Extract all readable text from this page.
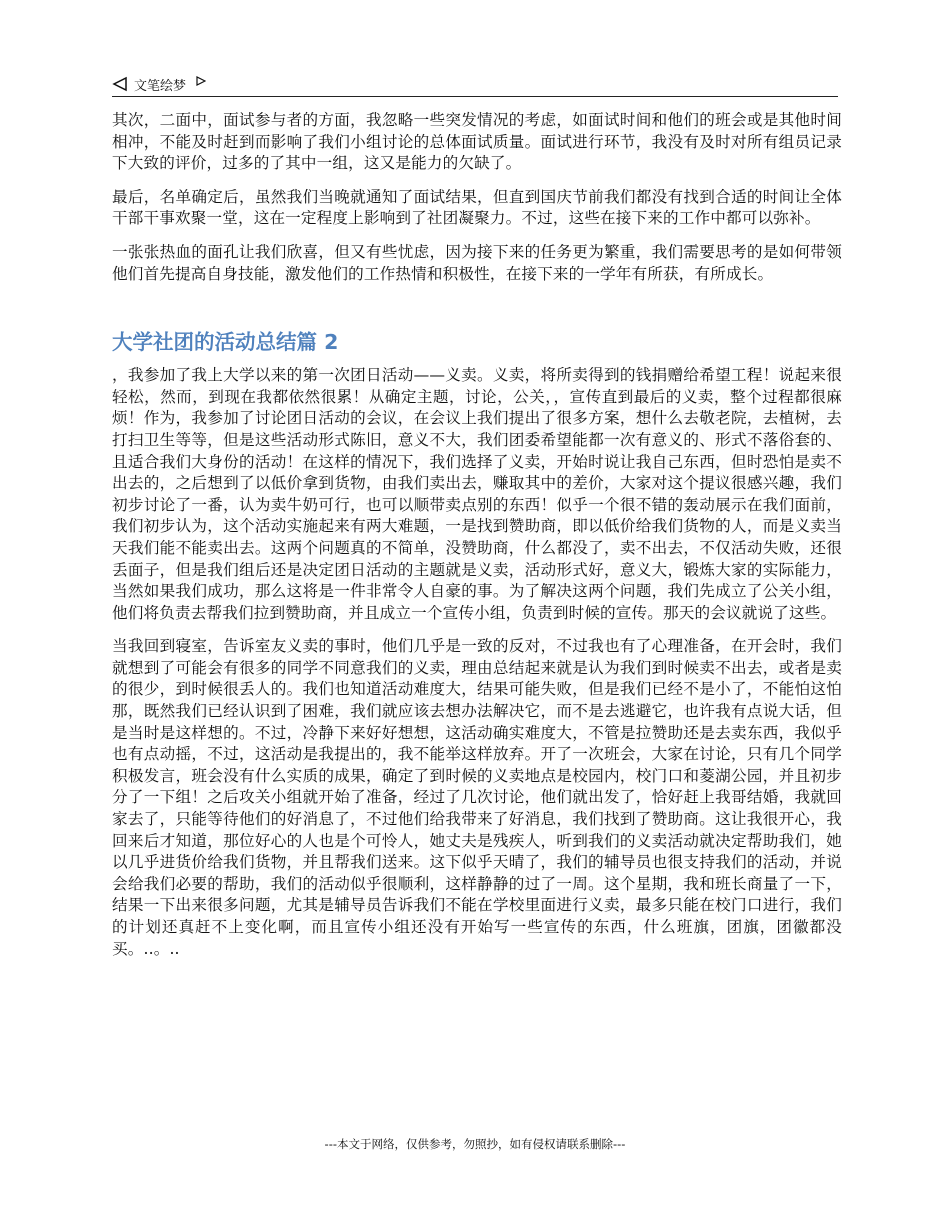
文笔绘梦

其次，二面中，面试参与者的方面，我忽略一些突发情况的考虑，如面试时间和他们的班会或是其他时间相冲，不能及时赶到而影响了我们小组讨论的总体面试质量。面试进行环节，我没有及时对所有组员记录下大致的评价，过多的了其中一组，这又是能力的欠缺了。

最后，名单确定后，虽然我们当晚就通知了面试结果，但直到国庆节前我们都没有找到合适的时间让全体干部干事欢聚一堂，这在一定程度上影响到了社团凝聚力。不过，这些在接下来的工作中都可以弥补。

一张张热血的面孔让我们欣喜，但又有些忧虑，因为接下来的任务更为繁重，我们需要思考的是如何带领他们首先提高自身技能，激发他们的工作热情和积极性，在接下来的一学年有所获，有所成长。

大学社团的活动总结篇 2

，我参加了我上大学以来的第一次团日活动——义卖。义卖，将所卖得到的钱捐赠给希望工程！说起来很轻松，然而，到现在我都依然很累！从确定主题，讨论，公关，，宣传直到最后的义卖，整个过程都很麻烦！作为，我参加了讨论团日活动的会议，在会议上我们提出了很多方案，想什么去敬老院，去植树，去打扫卫生等等，但是这些活动形式陈旧，意义不大，我们团委希望能都一次有意义的、形式不落俗套的、且适合我们大身份的活动！在这样的情况下，我们选择了义卖，开始时说让我自己东西，但时恐怕是卖不出去的，之后想到了以低价拿到货物，由我们卖出去，赚取其中的差价，大家对这个提议很感兴趣，我们初步讨论了一番，认为卖牛奶可行，也可以顺带卖点别的东西！似乎一个很不错的轰动展示在我们面前，我们初步认为，这个活动实施起来有两大难题，一是找到赞助商，即以低价给我们货物的人，而是义卖当天我们能不能卖出去。这两个问题真的不简单，没赞助商，什么都没了，卖不出去，不仅活动失败，还很丢面子，但是我们组后还是决定团日活动的主题就是义卖，活动形式好，意义大，锻炼大家的实际能力，当然如果我们成功，那么这将是一件非常令人自豪的事。为了解决这两个问题，我们先成立了公关小组，他们将负责去帮我们拉到赞助商，并且成立一个宣传小组，负责到时候的宣传。那天的会议就说了这些。

当我回到寝室，告诉室友义卖的事时，他们几乎是一致的反对，不过我也有了心理准备，在开会时，我们就想到了可能会有很多的同学不同意我们的义卖，理由总结起来就是认为我们到时候卖不出去，或者是卖的很少，到时候很丢人的。我们也知道活动难度大，结果可能失败，但是我们已经不是小了，不能怕这怕那，既然我们已经认识到了困难，我们就应该去想办法解决它，而不是去逃避它，也许我有点说大话，但是当时是这样想的。不过，冷静下来好好想想，这活动确实难度大，不管是拉赞助还是去卖东西，我似乎也有点动摇，不过，这活动是我提出的，我不能举这样放弃。开了一次班会，大家在讨论，只有几个同学积极发言，班会没有什么实质的成果，确定了到时候的义卖地点是校园内，校门口和菱湖公园，并且初步分了一下组！之后攻关小组就开始了准备，经过了几次讨论，他们就出发了，恰好赶上我哥结婚，我就回家去了，只能等待他们的好消息了，不过他们给我带来了好消息，我们找到了赞助商。这让我很开心，我回来后才知道，那位好心的人也是个可怜人，她丈夫是残疾人，听到我们的义卖活动就决定帮助我们，她以几乎进货价给我们货物，并且帮我们送来。这下似乎天晴了，我们的辅导员也很支持我们的活动，并说会给我们必要的帮助，我们的活动似乎很顺利，这样静静的过了一周。这个星期，我和班长商量了一下，结果一下出来很多问题，尤其是辅导员告诉我们不能在学校里面进行义卖，最多只能在校门口进行，我们的计划还真赶不上变化啊，而且宣传小组还没有开始写一些宣传的东西，什么班旗，团旗，团徽都没买。..。..

---本文于网络，仅供参考，勿照抄，如有侵权请联系删除---
